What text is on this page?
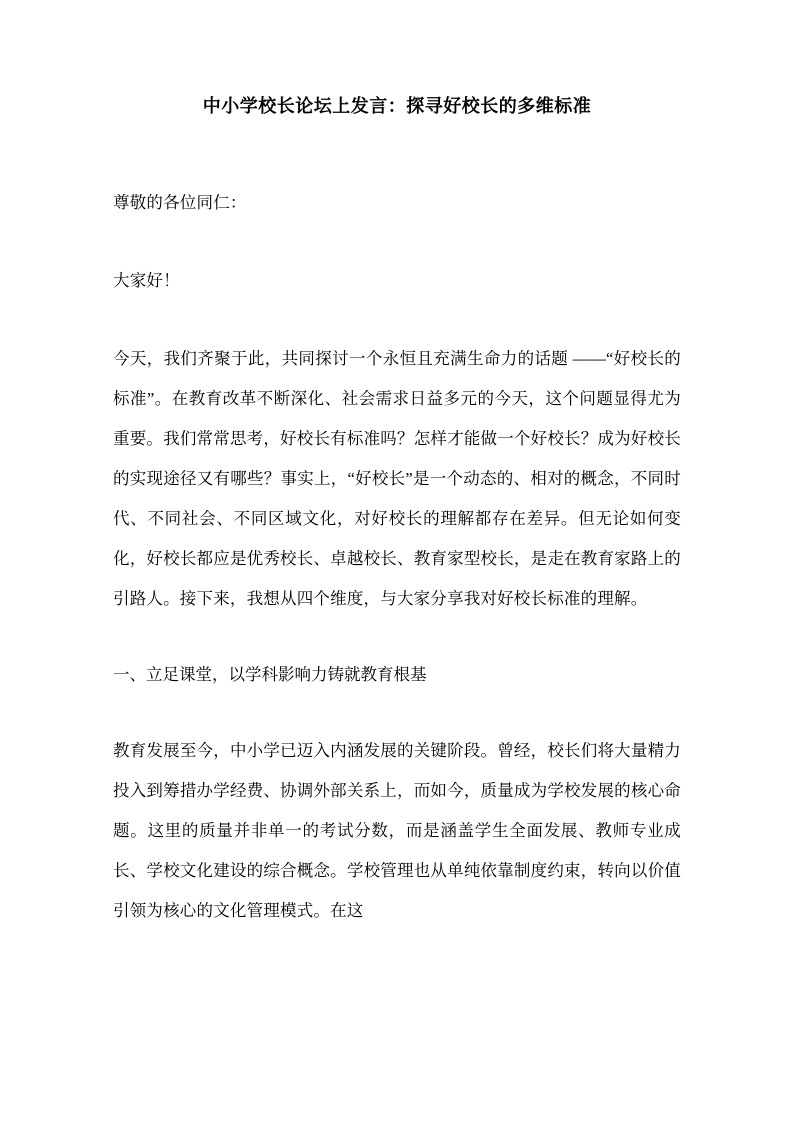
中小学校长论坛上发言：探寻好校长的多维标准

尊敬的各位同仁：

大家好！

今天，我们齐聚于此，共同探讨一个永恒且充满生命力的话题 ——“好校长的标准”。在教育改革不断深化、社会需求日益多元的今天，这个问题显得尤为重要。我们常常思考，好校长有标准吗？怎样才能做一个好校长？成为好校长的实现途径又有哪些？事实上，“好校长”是一个动态的、相对的概念，不同时代、不同社会、不同区域文化，对好校长的理解都存在差异。但无论如何变化，好校长都应是优秀校长、卓越校长、教育家型校长，是走在教育家路上的引路人。接下来，我想从四个维度，与大家分享我对好校长标准的理解。

一、立足课堂，以学科影响力铸就教育根基

教育发展至今，中小学已迈入内涵发展的关键阶段。曾经，校长们将大量精力投入到筹措办学经费、协调外部关系上，而如今，质量成为学校发展的核心命题。这里的质量并非单一的考试分数，而是涵盖学生全面发展、教师专业成长、学校文化建设的综合概念。学校管理也从单纯依靠制度约束，转向以价值引领为核心的文化管理模式。在这
